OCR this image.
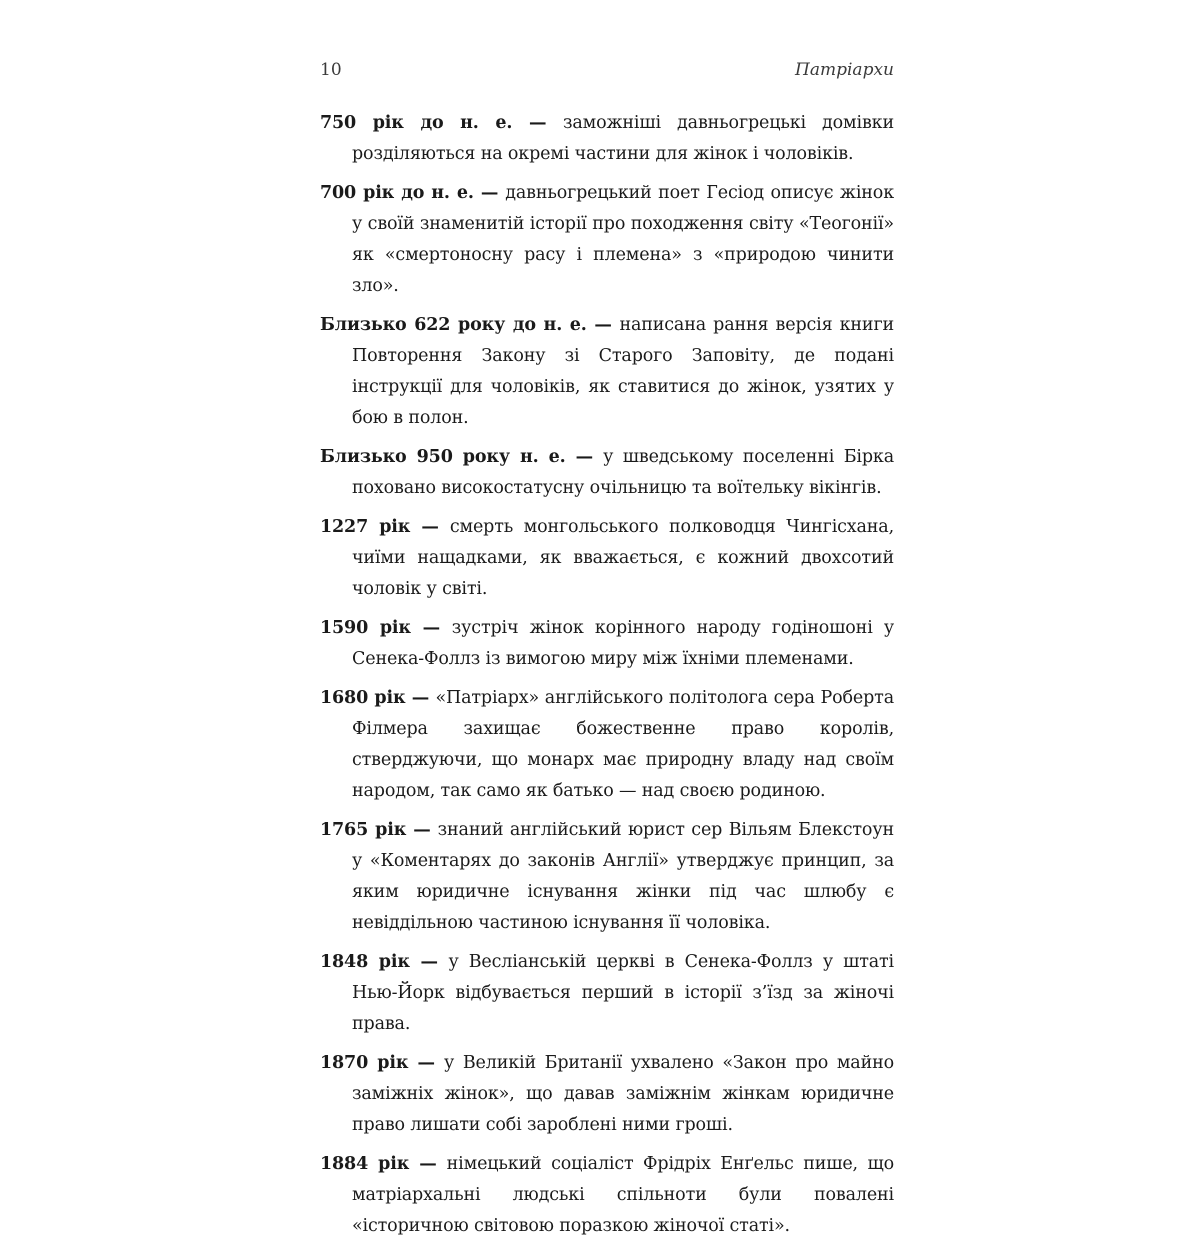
10	Патріархи

750 рік до н. е. — заможніші давньогрецькі домівки розділяються на окремі частини для жінок і чоловіків.

700 рік до н. е. — давньогрецький поет Гесіод описує жінок у своїй знаменитій історії про походження світу «Теогонії» як «смертоносну расу і племена» з «природою чинити зло».

Близько 622 року до н. е. — написана рання версія книги Повторення Закону зі Старого Заповіту, де подані інструкції для чоловіків, як ставитися до жінок, узятих у бою в полон.

Близько 950 року н. е. — у шведському поселенні Бірка поховано високостатусну очільницю та воїтельку вікінгів.

1227 рік — смерть монгольського полководця Чингісхана, чиїми нащадками, як вважається, є кожний двохсотий чоловік у світі.

1590 рік — зустріч жінок корінного народу годіношоні у Сенека-Фоллз із вимогою миру між їхніми племенами.

1680 рік — «Патріарх» англійського політолога сера Роберта Філмера захищає божественне право королів, стверджуючи, що монарх має природну владу над своїм народом, так само як батько — над своєю родиною.

1765 рік — знаний англійський юрист сер Вільям Блекстоун у «Коментарях до законів Англії» утверджує принцип, за яким юридичне існування жінки під час шлюбу є невіддільною частиною існування її чоловіка.

1848 рік — у Весліанській церкві в Сенека-Фоллз у штаті Нью-Йорк відбувається перший в історії з’їзд за жіночі права.

1870 рік — у Великій Британії ухвалено «Закон про майно заміжніх жінок», що давав заміжнім жінкам юридичне право лишати собі зароблені ними гроші.

1884 рік — німецький соціаліст Фрідріх Енґельс пише, що матріархальні людські спільноти були повалені «історичною світовою поразкою жіночої статі».
